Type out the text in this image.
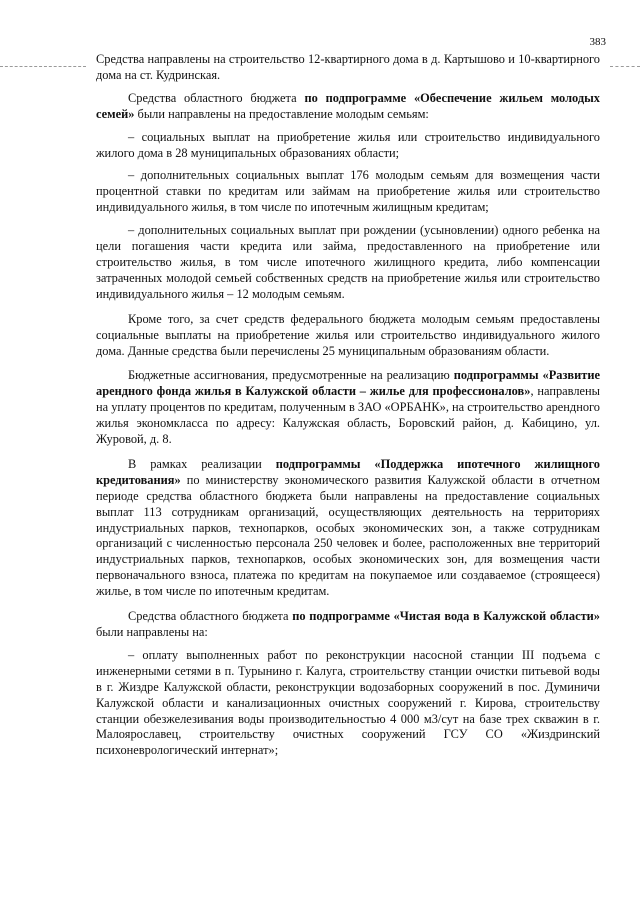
383

Средства направлены на строительство 12-квартирного дома в д. Картышово и 10-квартирного дома на ст. Кудринская.

Средства областного бюджета по подпрограмме «Обеспечение жильем молодых семей» были направлены на предоставление молодым семьям:

– социальных выплат на приобретение жилья или строительство индивидуального жилого дома в 28 муниципальных образованиях области;

– дополнительных социальных выплат 176 молодым семьям для возмещения части процентной ставки по кредитам или займам на приобретение жилья или строительство индивидуального жилья, в том числе по ипотечным жилищным кредитам;

– дополнительных социальных выплат при рождении (усыновлении) одного ребенка на цели погашения части кредита или займа, предоставленного на приобретение или строительство жилья, в том числе ипотечного жилищного кредита, либо компенсации затраченных молодой семьей собственных средств на приобретение жилья или строительство индивидуального жилья – 12 молодым семьям.

Кроме того, за счет средств федерального бюджета молодым семьям предоставлены социальные выплаты на приобретение жилья или строительство индивидуального жилого дома. Данные средства были перечислены 25 муниципальным образованиям области.

Бюджетные ассигнования, предусмотренные на реализацию подпрограммы «Развитие арендного фонда жилья в Калужской области – жилье для профессионалов», направлены на уплату процентов по кредитам, полученным в ЗАО «ОРБАНК», на строительство арендного жилья экономкласса по адресу: Калужская область, Боровский район, д. Кабицино, ул. Журовой, д. 8.

В рамках реализации подпрограммы «Поддержка ипотечного жилищного кредитования» по министерству экономического развития Калужской области в отчетном периоде средства областного бюджета были направлены на предоставление социальных выплат 113 сотрудникам организаций, осуществляющих деятельность на территориях индустриальных парков, технопарков, особых экономических зон, а также сотрудникам организаций с численностью персонала 250 человек и более, расположенных вне территорий индустриальных парков, технопарков, особых экономических зон, для возмещения части первоначального взноса, платежа по кредитам на покупаемое или создаваемое (строящееся) жилье, в том числе по ипотечным кредитам.

Средства областного бюджета по подпрограмме «Чистая вода в Калужской области» были направлены на:

– оплату выполненных работ по реконструкции насосной станции III подъема с инженерными сетями в п. Турынино г. Калуга, строительству станции очистки питьевой воды в г. Жиздре Калужской области, реконструкции водозаборных сооружений в пос. Думиничи Калужской области и канализационных очистных сооружений г. Кирова, строительству станции обезжелезивания воды производительностью 4 000 м3/сут на базе трех скважин в г. Малоярославец, строительству очистных сооружений ГСУ СО «Жиздринский психоневрологический интернат»;
